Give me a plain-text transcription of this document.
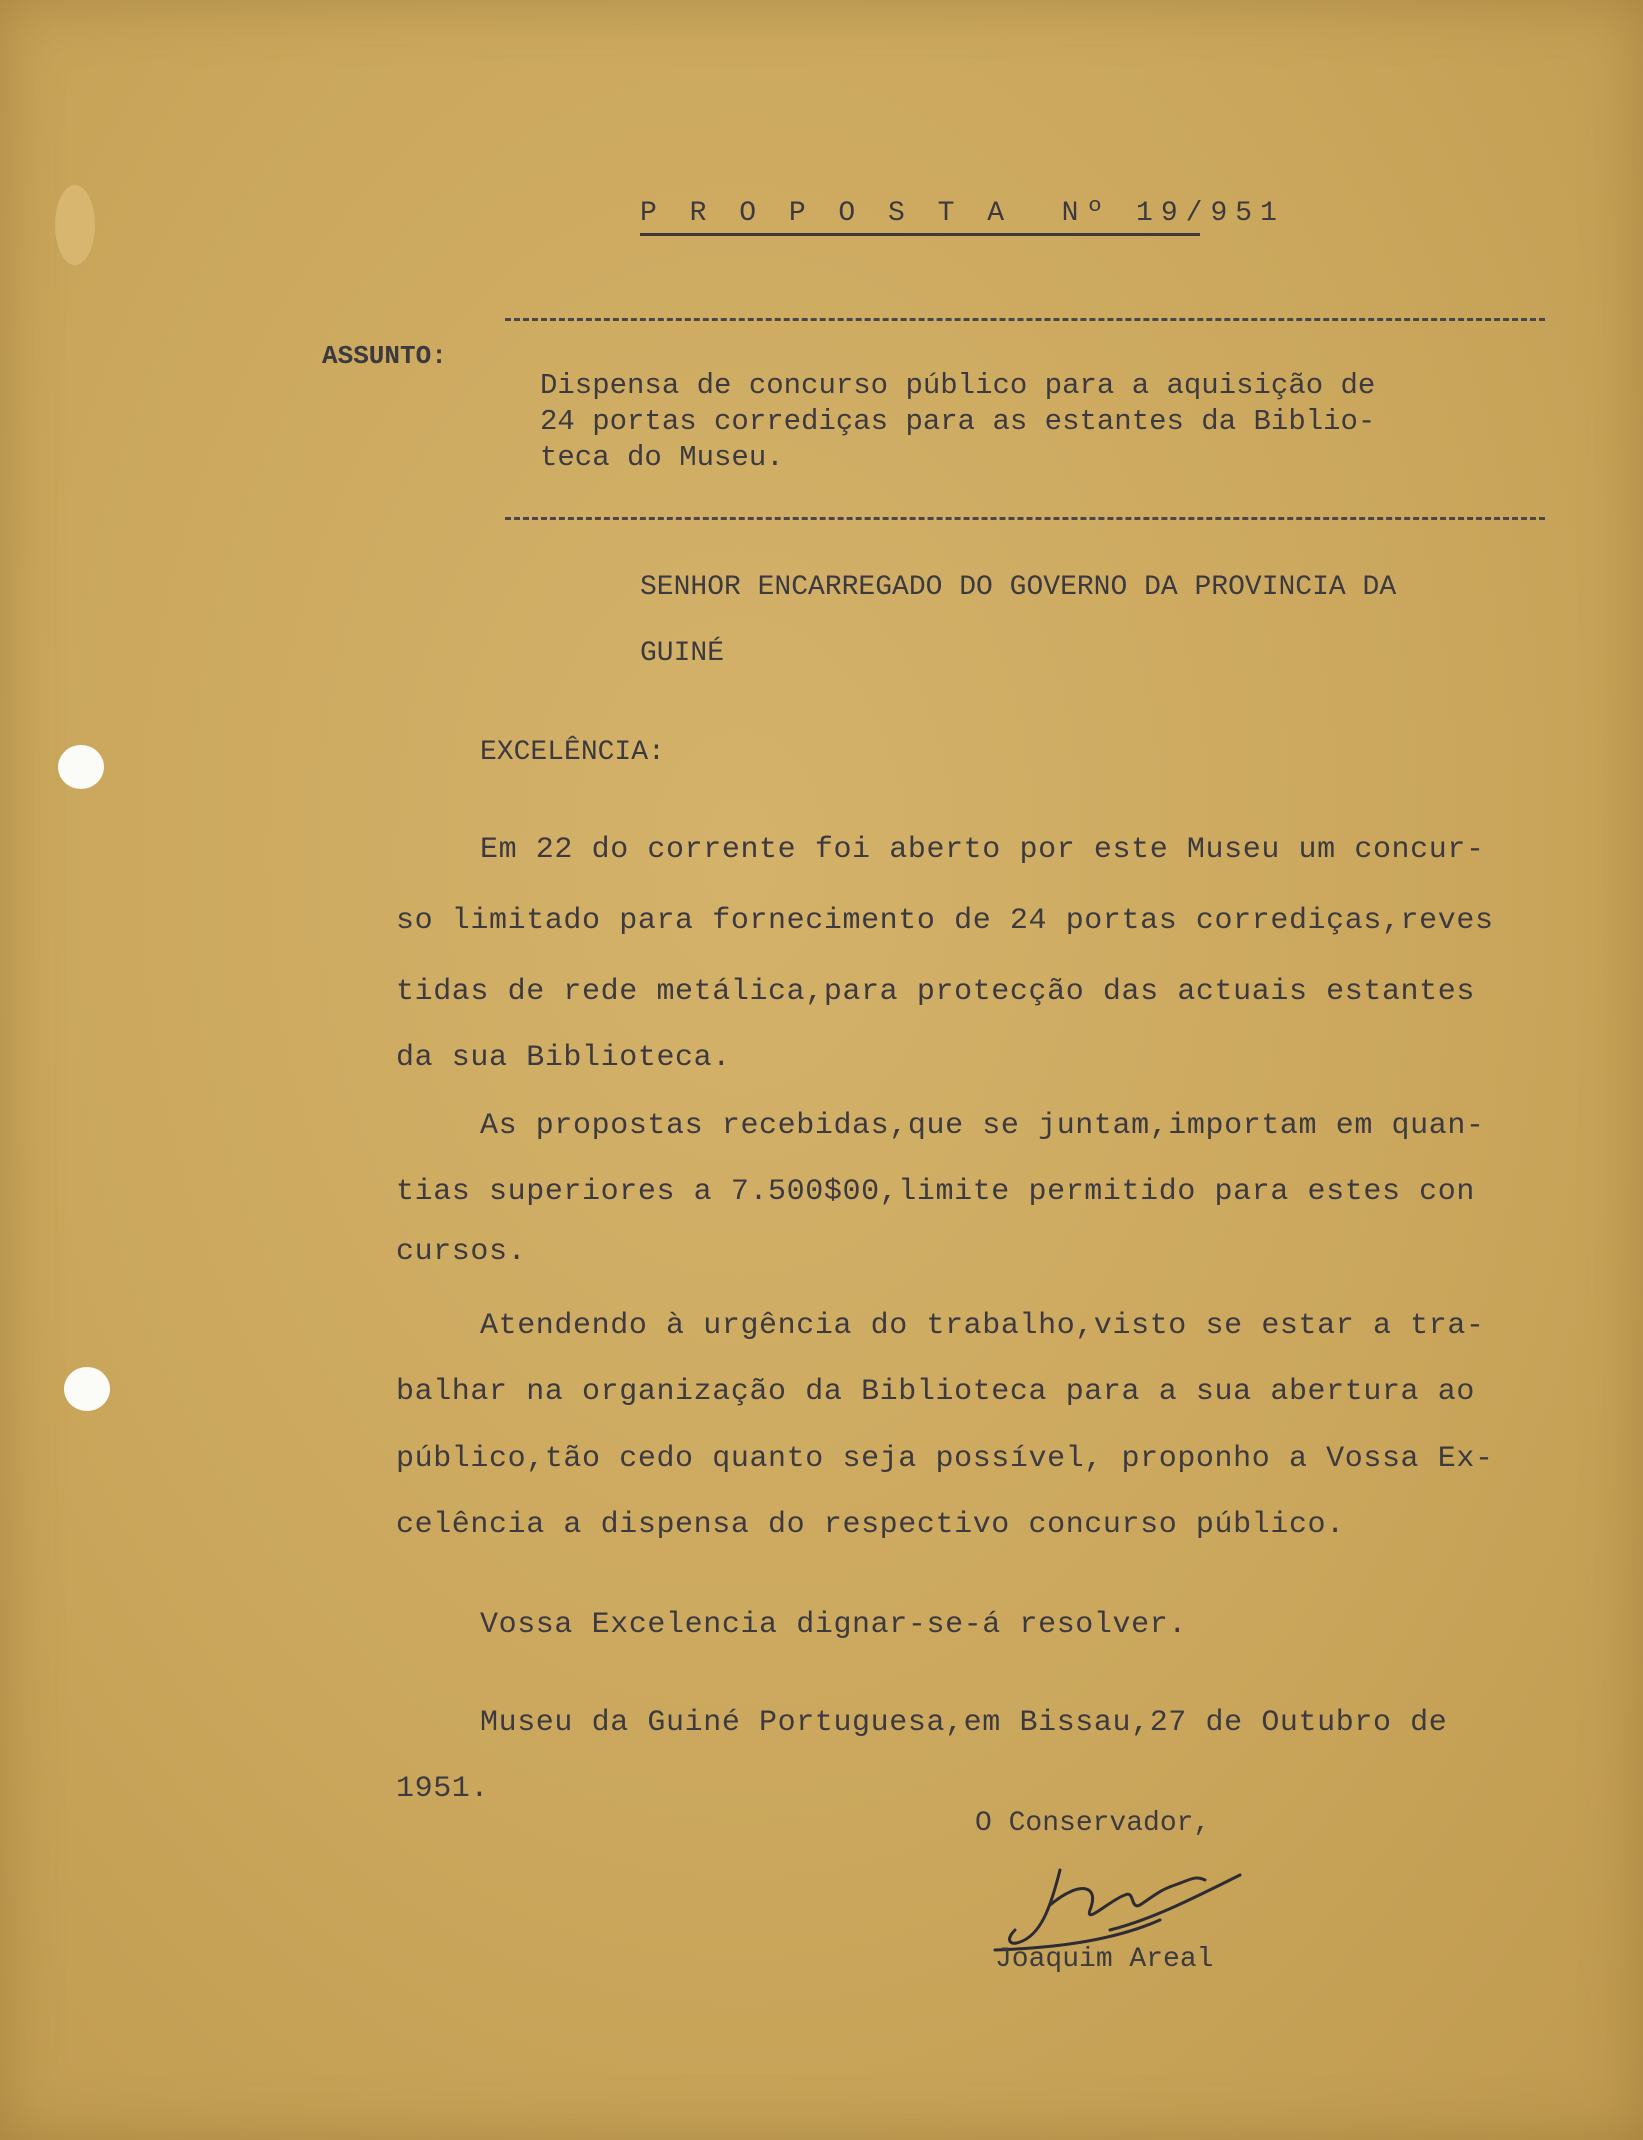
P R O P O S T A  Nº 19/951
ASSUNTO:
Dispensa de concurso público para a aquisição de
24 portas corrediças para as estantes da Biblio-
teca do Museu.
SENHOR ENCARREGADO DO GOVERNO DA PROVINCIA DA
GUINÉ
EXCELÊNCIA:
Em 22 do corrente foi aberto por este Museu um concur-
so limitado para fornecimento de 24 portas corrediças,reves
tidas de rede metálica,para protecção das actuais estantes
da sua Biblioteca.
As propostas recebidas,que se juntam,importam em quan-
tias superiores a 7.500$00,limite permitido para estes con
cursos.
Atendendo à urgência do trabalho,visto se estar a tra-
balhar na organização da Biblioteca para a sua abertura ao
público,tão cedo quanto seja possível, proponho a Vossa Ex-
celência a dispensa do respectivo concurso público.
Vossa Excelencia dignar-se-á resolver.
Museu da Guiné Portuguesa,em Bissau,27 de Outubro de
1951.
O Conservador,
Joaquim Areal
